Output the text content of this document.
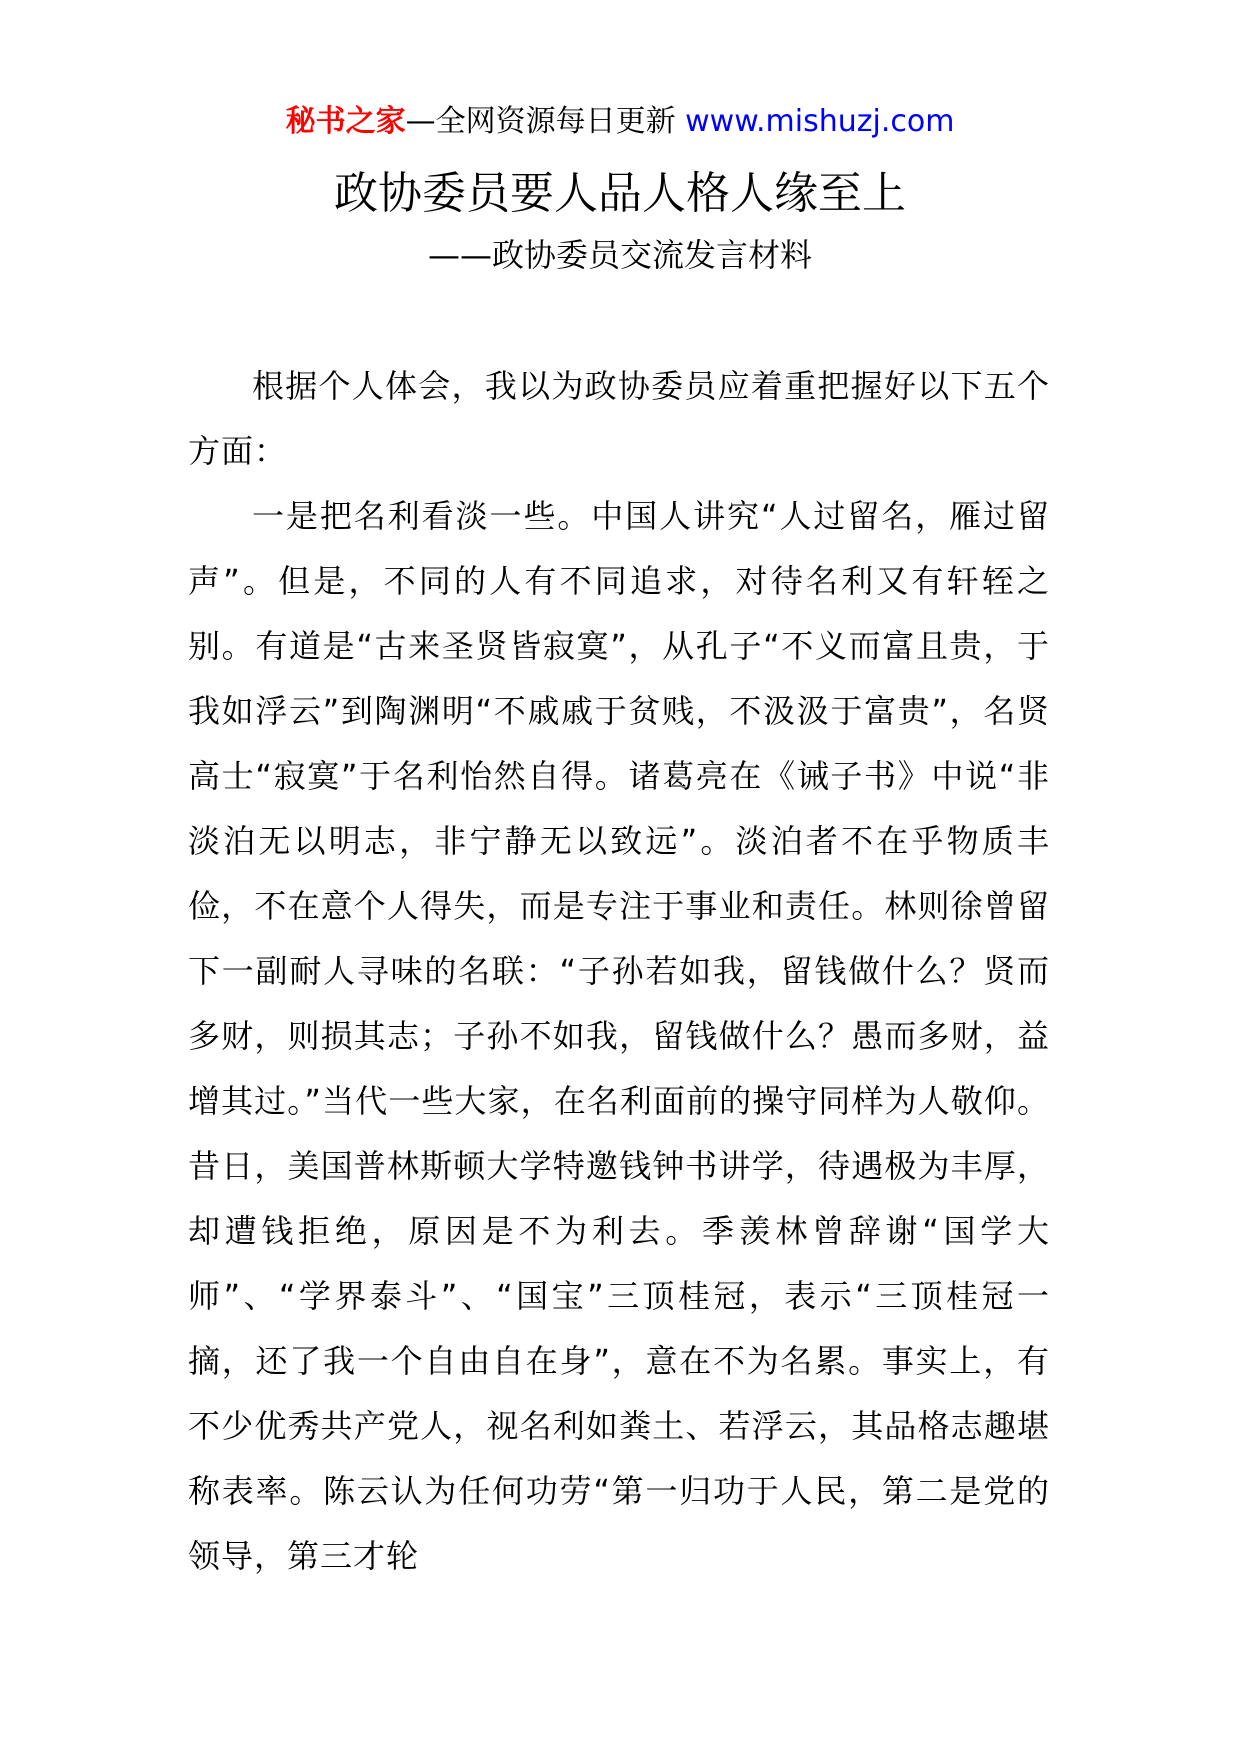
秘书之家—全网资源每日更新 www.mishuzj.com
政协委员要人品人格人缘至上
——政协委员交流发言材料

根据个人体会，我以为政协委员应着重把握好以下五个方面：

一是把名利看淡一些。中国人讲究“人过留名，雁过留声”。但是，不同的人有不同追求，对待名利又有轩轾之别。有道是“古来圣贤皆寂寞”，从孔子“不义而富且贵，于我如浮云”到陶渊明“不戚戚于贫贱，不汲汲于富贵”，名贤高士“寂寞”于名利怡然自得。诸葛亮在《诫子书》中说“非淡泊无以明志，非宁静无以致远”。淡泊者不在乎物质丰俭，不在意个人得失，而是专注于事业和责任。林则徐曾留下一副耐人寻味的名联：“子孙若如我，留钱做什么？贤而多财，则损其志；子孙不如我，留钱做什么？愚而多财，益增其过。”当代一些大家，在名利面前的操守同样为人敬仰。昔日，美国普林斯顿大学特邀钱钟书讲学，待遇极为丰厚，却遭钱拒绝，原因是不为利去。季羡林曾辞谢“国学大师”、“学界泰斗”、“国宝”三顶桂冠，表示“三顶桂冠一摘，还了我一个自由自在身”，意在不为名累。事实上，有不少优秀共产党人，视名利如粪土、若浮云，其品格志趣堪称表率。陈云认为任何功劳“第一归功于人民，第二是党的领导，第三才轮
